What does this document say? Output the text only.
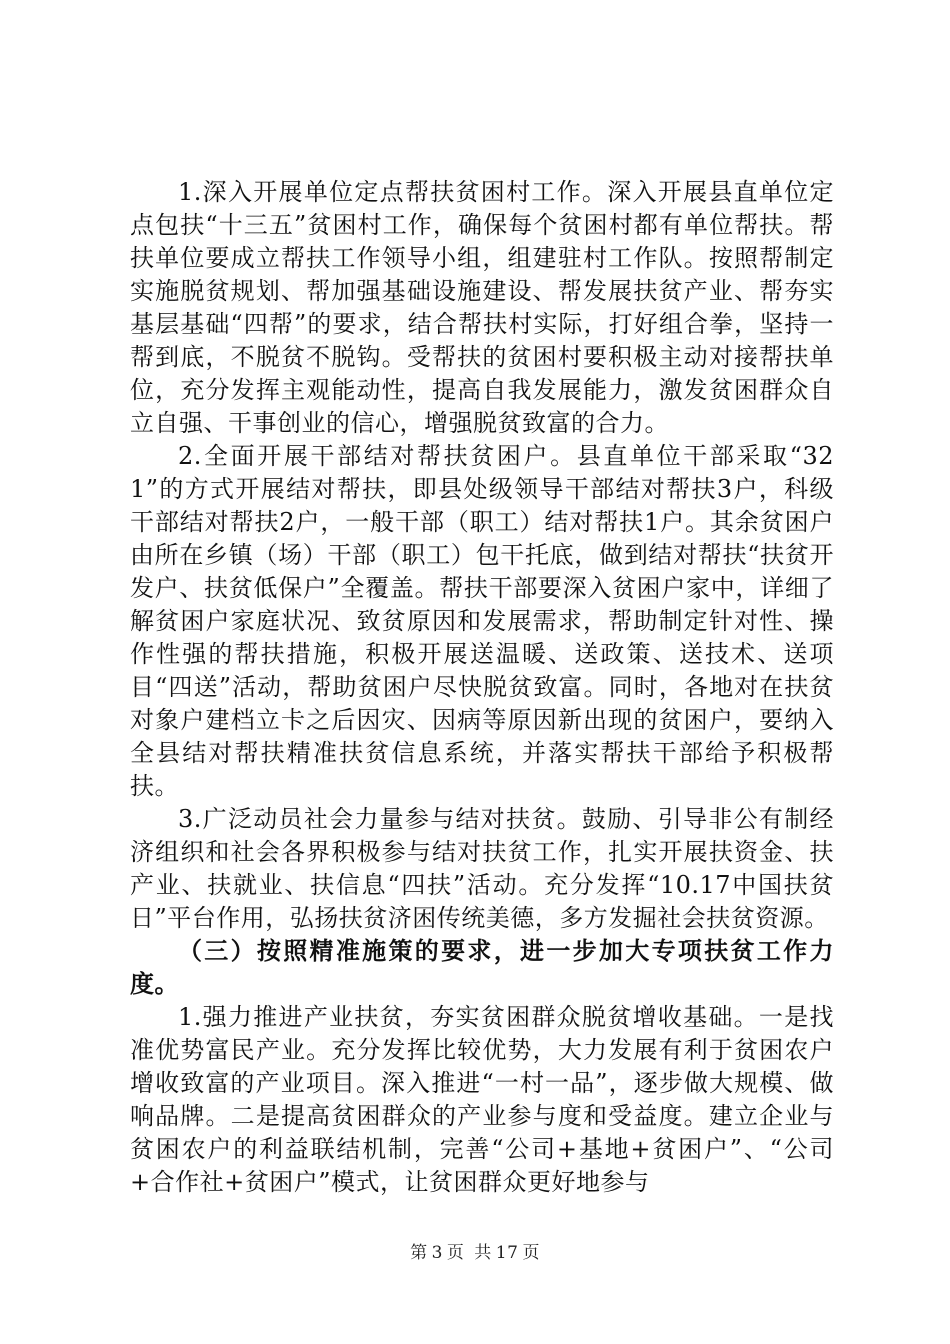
1.深入开展单位定点帮扶贫困村工作。深入开展县直单位定点包扶“十三五”贫困村工作，确保每个贫困村都有单位帮扶。帮扶单位要成立帮扶工作领导小组，组建驻村工作队。按照帮制定实施脱贫规划、帮加强基础设施建设、帮发展扶贫产业、帮夯实基层基础“四帮”的要求，结合帮扶村实际，打好组合拳，坚持一帮到底，不脱贫不脱钩。受帮扶的贫困村要积极主动对接帮扶单位，充分发挥主观能动性，提高自我发展能力，激发贫困群众自立自强、干事创业的信心，增强脱贫致富的合力。

2.全面开展干部结对帮扶贫困户。县直单位干部采取“321”的方式开展结对帮扶，即县处级领导干部结对帮扶3户，科级干部结对帮扶2户，一般干部（职工）结对帮扶1户。其余贫困户由所在乡镇（场）干部（职工）包干托底，做到结对帮扶“扶贫开发户、扶贫低保户”全覆盖。帮扶干部要深入贫困户家中，详细了解贫困户家庭状况、致贫原因和发展需求，帮助制定针对性、操作性强的帮扶措施，积极开展送温暖、送政策、送技术、送项目“四送”活动，帮助贫困户尽快脱贫致富。同时，各地对在扶贫对象户建档立卡之后因灾、因病等原因新出现的贫困户，要纳入全县结对帮扶精准扶贫信息系统，并落实帮扶干部给予积极帮扶。

3.广泛动员社会力量参与结对扶贫。鼓励、引导非公有制经济组织和社会各界积极参与结对扶贫工作，扎实开展扶资金、扶产业、扶就业、扶信息“四扶”活动。充分发挥“10.17中国扶贫日”平台作用，弘扬扶贫济困传统美德，多方发掘社会扶贫资源。

（三）按照精准施策的要求，进一步加大专项扶贫工作力度。

1.强力推进产业扶贫，夯实贫困群众脱贫增收基础。一是找准优势富民产业。充分发挥比较优势，大力发展有利于贫困农户增收致富的产业项目。深入推进“一村一品”，逐步做大规模、做响品牌。二是提高贫困群众的产业参与度和受益度。建立企业与贫困农户的利益联结机制，完善“公司+基地+贫困户”、“公司+合作社+贫困户”模式，让贫困群众更好地参与

第 3 页 共 17 页
